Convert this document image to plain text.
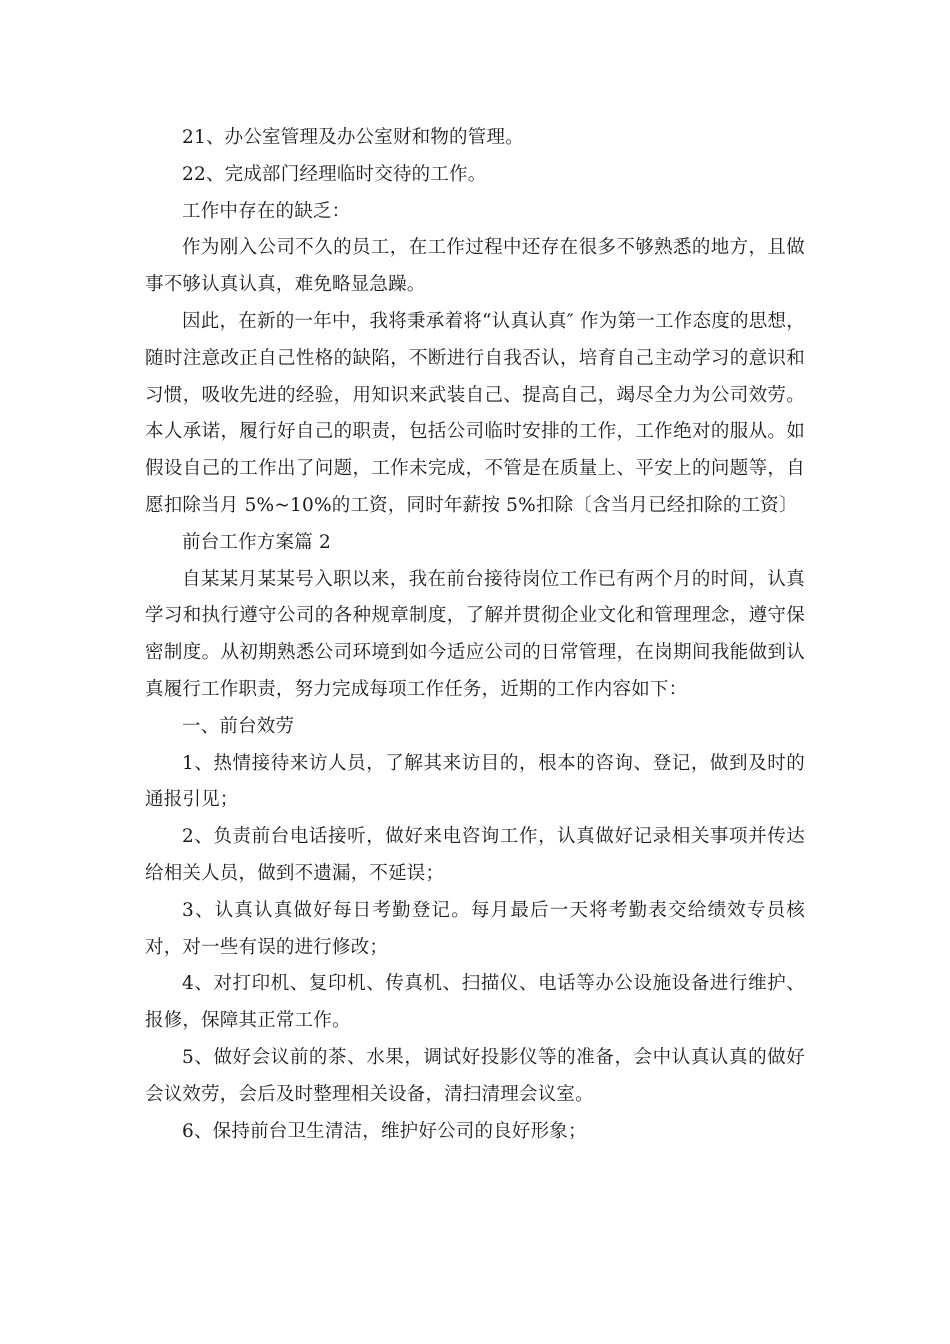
21、办公室管理及办公室财和物的管理。

22、完成部门经理临时交待的工作。

工作中存在的缺乏：

作为刚入公司不久的员工，在工作过程中还存在很多不够熟悉的地方，且做事不够认真认真，难免略显急躁。

因此，在新的一年中，我将秉承着将“认真认真″ 作为第一工作态度的思想，随时注意改正自己性格的缺陷，不断进行自我否认，培育自己主动学习的意识和习惯，吸收先进的经验，用知识来武装自己、提高自己，竭尽全力为公司效劳。本人承诺，履行好自己的职责，包括公司临时安排的工作，工作绝对的服从。如假设自己的工作出了问题，工作未完成，不管是在质量上、平安上的问题等，自愿扣除当月 5%~10%的工资，同时年薪按 5%扣除〔含当月已经扣除的工资〕

前台工作方案篇 2

自某某月某某号入职以来，我在前台接待岗位工作已有两个月的时间，认真学习和执行遵守公司的各种规章制度，了解并贯彻企业文化和管理理念，遵守保密制度。从初期熟悉公司环境到如今适应公司的日常管理，在岗期间我能做到认真履行工作职责，努力完成每项工作任务，近期的工作内容如下：

一、前台效劳

1、热情接待来访人员，了解其来访目的，根本的咨询、登记，做到及时的通报引见；

2、负责前台电话接听，做好来电咨询工作，认真做好记录相关事项并传达给相关人员，做到不遗漏，不延误；

3、认真认真做好每日考勤登记。每月最后一天将考勤表交给绩效专员核对，对一些有误的进行修改；

4、对打印机、复印机、传真机、扫描仪、电话等办公设施设备进行维护、报修，保障其正常工作。

5、做好会议前的茶、水果，调试好投影仪等的准备，会中认真认真的做好会议效劳，会后及时整理相关设备，清扫清理会议室。

6、保持前台卫生清洁，维护好公司的良好形象；
